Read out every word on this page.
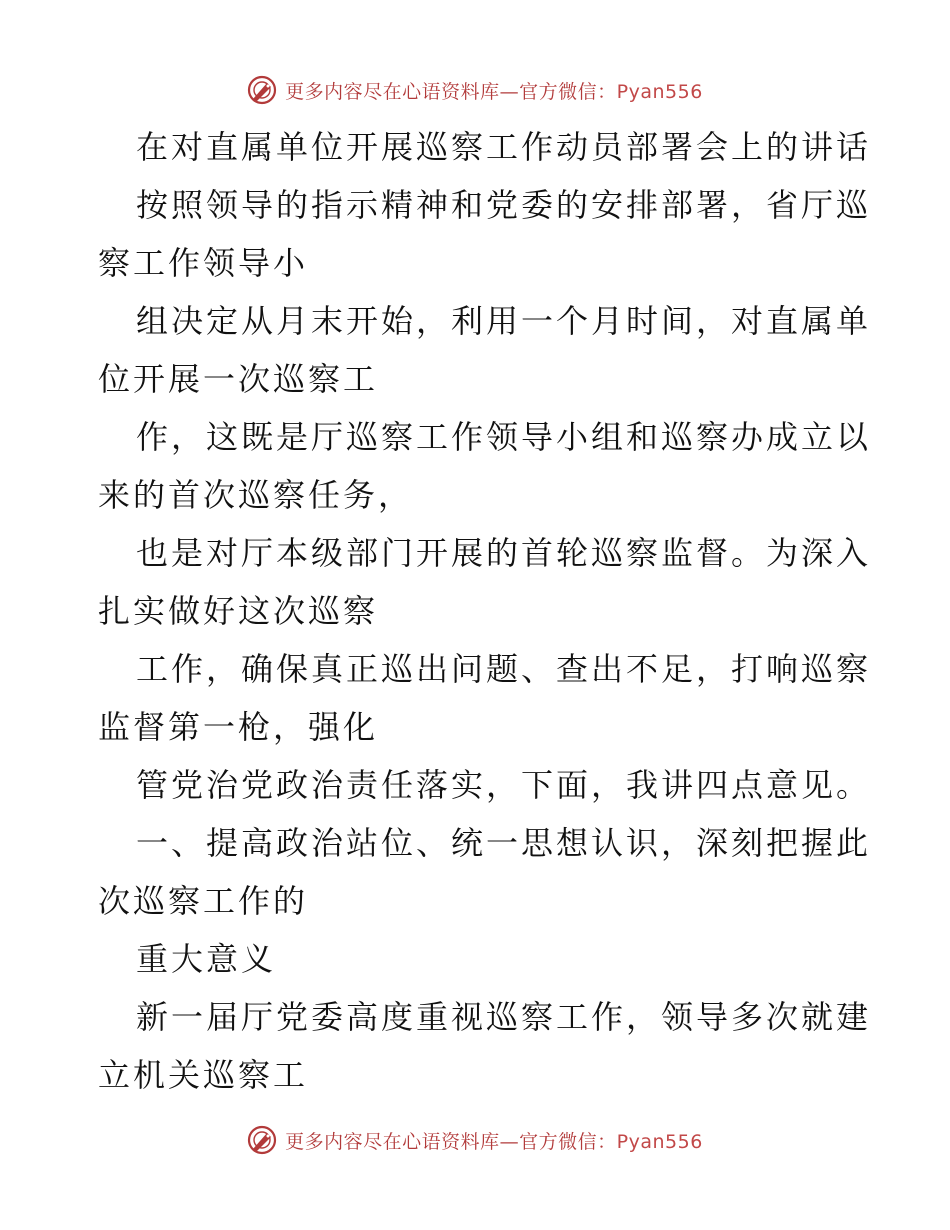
更多内容尽在心语资料库—官方微信：Pyan556
在对直属单位开展巡察工作动员部署会上的讲话
按照领导的指示精神和党委的安排部署，省厅巡
察工作领导小
组决定从月末开始，利用一个月时间，对直属单
位开展一次巡察工
作，这既是厅巡察工作领导小组和巡察办成立以
来的首次巡察任务，
也是对厅本级部门开展的首轮巡察监督。为深入
扎实做好这次巡察
工作，确保真正巡出问题、查出不足，打响巡察
监督第一枪，强化
管党治党政治责任落实，下面，我讲四点意见。
一、提高政治站位、统一思想认识，深刻把握此
次巡察工作的
重大意义
新一届厅党委高度重视巡察工作，领导多次就建
立机关巡察工
更多内容尽在心语资料库—官方微信：Pyan556
